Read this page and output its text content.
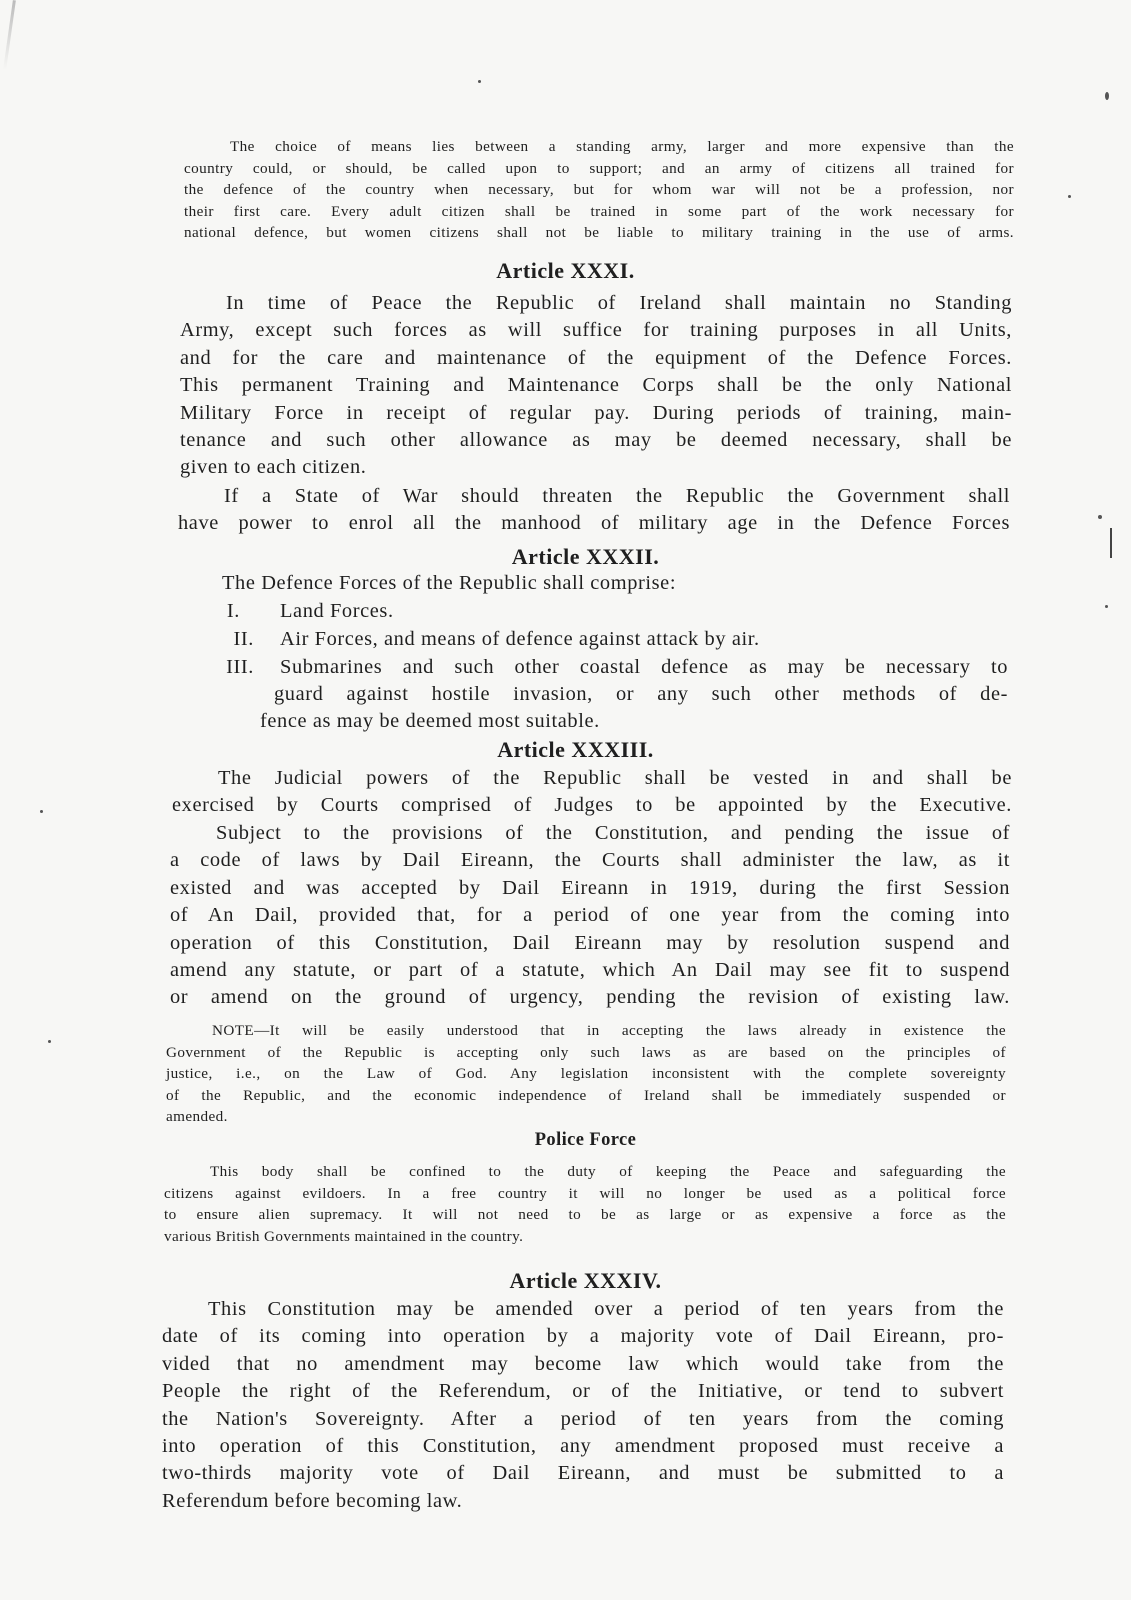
The choice of means lies between a standing army, larger and more expensive than the
country could, or should, be called upon to support; and an army of citizens all trained for
the defence of the country when necessary, but for whom war will not be a profession, nor
their first care. Every adult citizen shall be trained in some part of the work necessary for
national defence, but women citizens shall not be liable to military training in the use of arms.
Article XXXI.
In time of Peace the Republic of Ireland shall maintain no Standing
Army, except such forces as will suffice for training purposes in all Units,
and for the care and maintenance of the equipment of the Defence Forces.
This permanent Training and Maintenance Corps shall be the only National
Military Force in receipt of regular pay. During periods of training, main-
tenance and such other allowance as may be deemed necessary, shall be
given to each citizen.
If a State of War should threaten the Republic the Government shall
have power to enrol all the manhood of military age in the Defence Forces
Article XXXII.
The Defence Forces of the Republic shall comprise:
I. Land Forces.
II. Air Forces, and means of defence against attack by air.
III. Submarines and such other coastal defence as may be necessary to
guard against hostile invasion, or any such other methods of de-
fence as may be deemed most suitable.
Article XXXIII.
The Judicial powers of the Republic shall be vested in and shall be
exercised by Courts comprised of Judges to be appointed by the Executive.
Subject to the provisions of the Constitution, and pending the issue of
a code of laws by Dail Eireann, the Courts shall administer the law, as it
existed and was accepted by Dail Eireann in 1919, during the first Session
of An Dail, provided that, for a period of one year from the coming into
operation of this Constitution, Dail Eireann may by resolution suspend and
amend any statute, or part of a statute, which An Dail may see fit to suspend
or amend on the ground of urgency, pending the revision of existing law.
NOTE—It will be easily understood that in accepting the laws already in existence the
Government of the Republic is accepting only such laws as are based on the principles of
justice, i.e., on the Law of God. Any legislation inconsistent with the complete sovereignty
of the Republic, and the economic independence of Ireland shall be immediately suspended or
amended.
Police Force
This body shall be confined to the duty of keeping the Peace and safeguarding the
citizens against evildoers. In a free country it will no longer be used as a political force
to ensure alien supremacy. It will not need to be as large or as expensive a force as the
various British Governments maintained in the country.
Article XXXIV.
This Constitution may be amended over a period of ten years from the
date of its coming into operation by a majority vote of Dail Eireann, pro-
vided that no amendment may become law which would take from the
People the right of the Referendum, or of the Initiative, or tend to subvert
the Nation's Sovereignty. After a period of ten years from the coming
into operation of this Constitution, any amendment proposed must receive a
two-thirds majority vote of Dail Eireann, and must be submitted to a
Referendum before becoming law.
